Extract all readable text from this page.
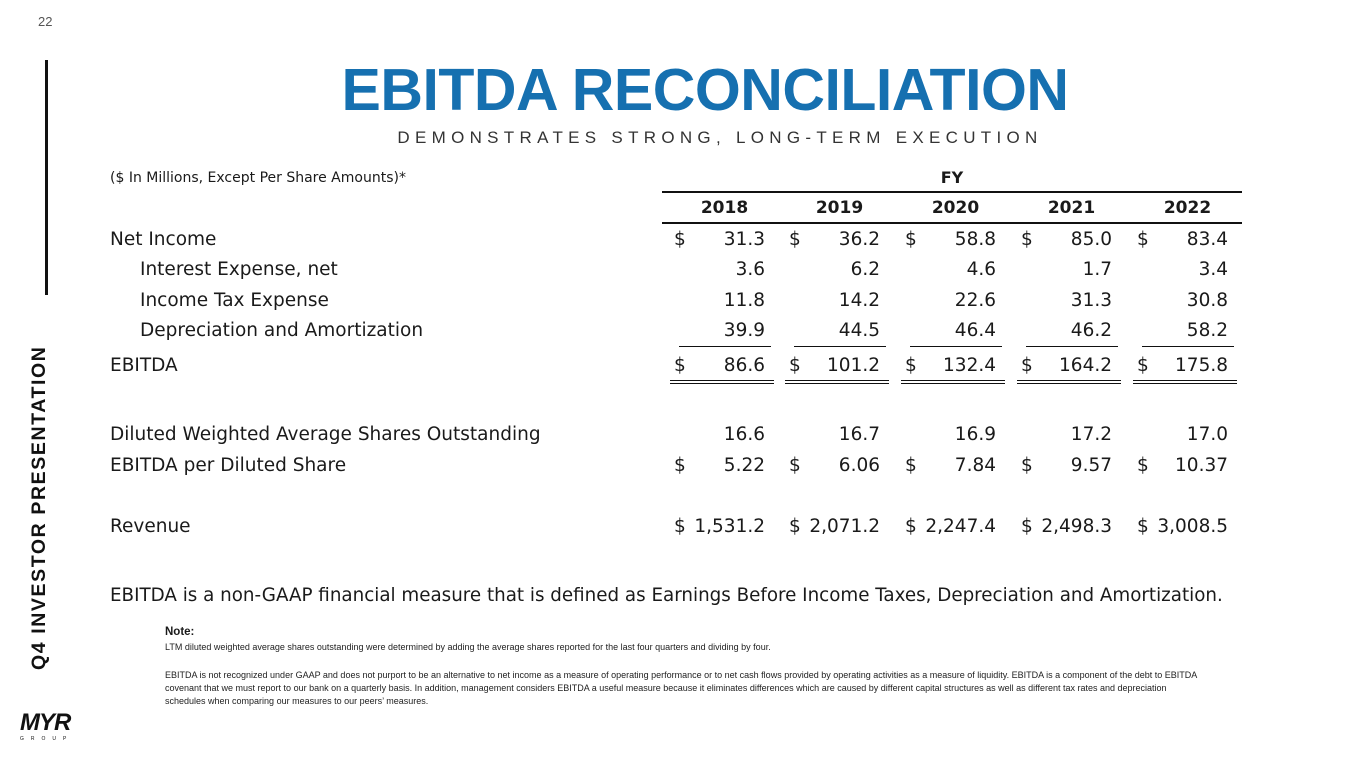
22
Q4 INVESTOR PRESENTATION
EBITDA RECONCILIATION
DEMONSTRATES STRONG, LONG-TERM EXECUTION
($ In Millions, Except Per Share Amounts)*	FY
2018	2019	2020	2021	2022
Net Income	$ 31.3 $ 36.2 $ 58.8 $ 85.0 $ 83.4
Interest Expense, net	3.6	6.2	4.6	1.7	3.4
Income Tax Expense	11.8	14.2	22.6	31.3	30.8
Depreciation and Amortization	39.9	44.5	46.4	46.2	58.2
EBITDA	$ 86.6 $ 101.2 $ 132.4 $ 164.2 $ 175.8
Diluted Weighted Average Shares Outstanding	16.6	16.7	16.9	17.2	17.0
EBITDA per Diluted Share	$ 5.22 $ 6.06 $ 7.84 $ 9.57 $ 10.37
Revenue	$ 1,531.2 $ 2,071.2 $ 2,247.4 $ 2,498.3 $ 3,008.5
EBITDA is a non-GAAP financial measure that is defined as Earnings Before Income Taxes, Depreciation and Amortization.
Note:
LTM diluted weighted average shares outstanding were determined by adding the average shares reported for the last four quarters and dividing by four.
EBITDA is not recognized under GAAP and does not purport to be an alternative to net income as a measure of operating performance or to net cash flows provided by operating activities as a measure of liquidity. EBITDA is a component of the debt to EBITDA covenant that we must report to our bank on a quarterly basis. In addition, management considers EBITDA a useful measure because it eliminates differences which are caused by different capital structures as well as different tax rates and depreciation schedules when comparing our measures to our peers’ measures.
MYR
GROUP
